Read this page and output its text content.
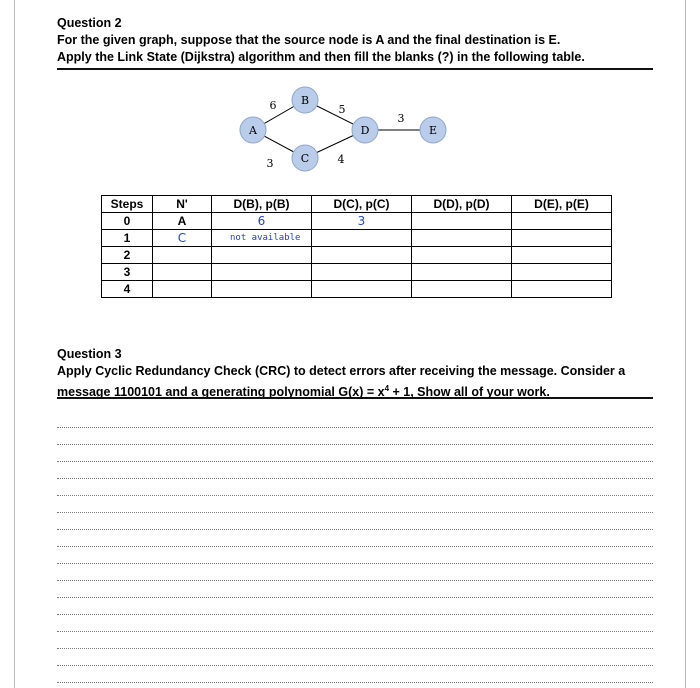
Question 2
For the given graph, suppose that the source node is A and the final destination is E.
Apply the Link State (Dijkstra) algorithm and then fill the blanks (?) in the following table.
A
B
C
D	E
6
3
5
4
3
Steps	N'	D(B), p(B)	D(C), p(C)	D(D), p(D)	D(E), p(E)
0	A	6	3		
1	C	not available			
2					
3					
4					
Question 3
Apply Cyclic Redundancy Check (CRC) to detect errors after receiving the message. Consider a
message 1100101 and a generating polynomial $G(x) = x^4 + 1$, Show all of your work.
